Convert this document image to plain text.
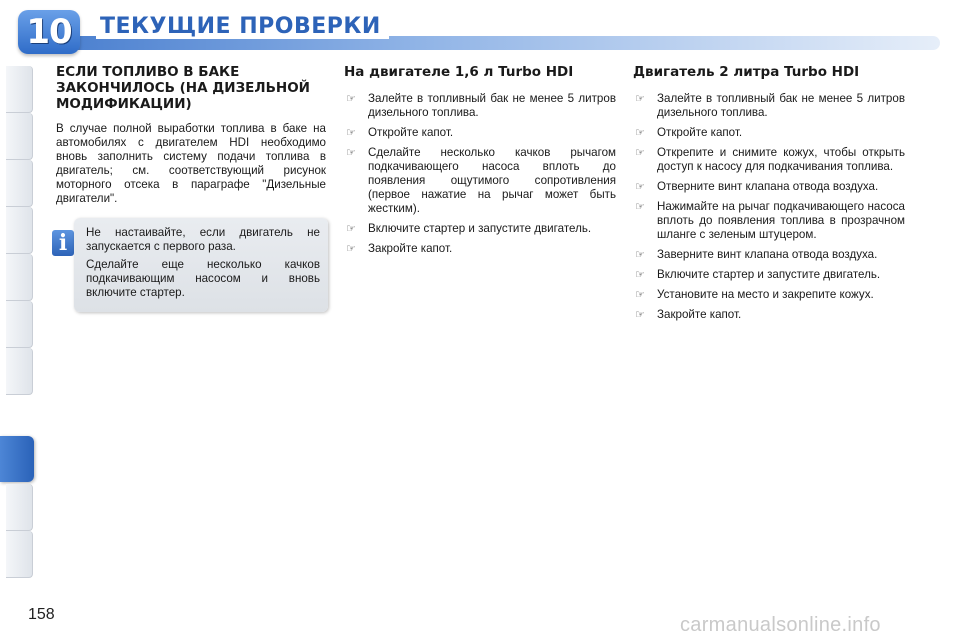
10 ТЕКУЩИЕ ПРОВЕРКИ
ЕСЛИ ТОПЛИВО В БАКЕ ЗАКОНЧИЛОСЬ (НА ДИЗЕЛЬНОЙ МОДИФИКАЦИИ)

В случае полной выработки топлива в баке на автомобилях с двигателем HDI необходимо вновь заполнить систему подачи топлива в двигатель; см. соответствующий рисунок моторного отсека в параграфе "Дизельные двигатели".

i	Не настаивайте, если двигатель не запускается с первого раза.

Сделайте еще несколько качков подкачивающим насосом и вновь включите стартер.

На двигателе 1,6 л Turbo HDI
☞ Залейте в топливный бак не менее 5 литров дизельного топлива.
☞ Откройте капот.
☞ Сделайте несколько качков рычагом подкачивающего насоса вплоть до появления ощутимого сопротивления (первое нажатие на рычаг может быть жестким).
☞ Включите стартер и запустите двигатель.
☞ Закройте капот.
Двигатель 2 литра Turbo HDI
☞ Залейте в топливный бак не менее 5 литров дизельного топлива.
☞ Откройте капот.
☞ Открепите и снимите кожух, чтобы открыть доступ к насосу для подкачивания топлива.
☞ Отверните винт клапана отвода воздуха.
☞ Нажимайте на рычаг подкачивающего насоса вплоть до появления топлива в прозрачном шланге с зеленым штуцером.
☞ Заверните винт клапана отвода воздуха.
☞ Включите стартер и запустите двигатель.
☞ Установите на место и закрепите кожух.
☞ Закройте капот.
158	carmanualsonline.info
